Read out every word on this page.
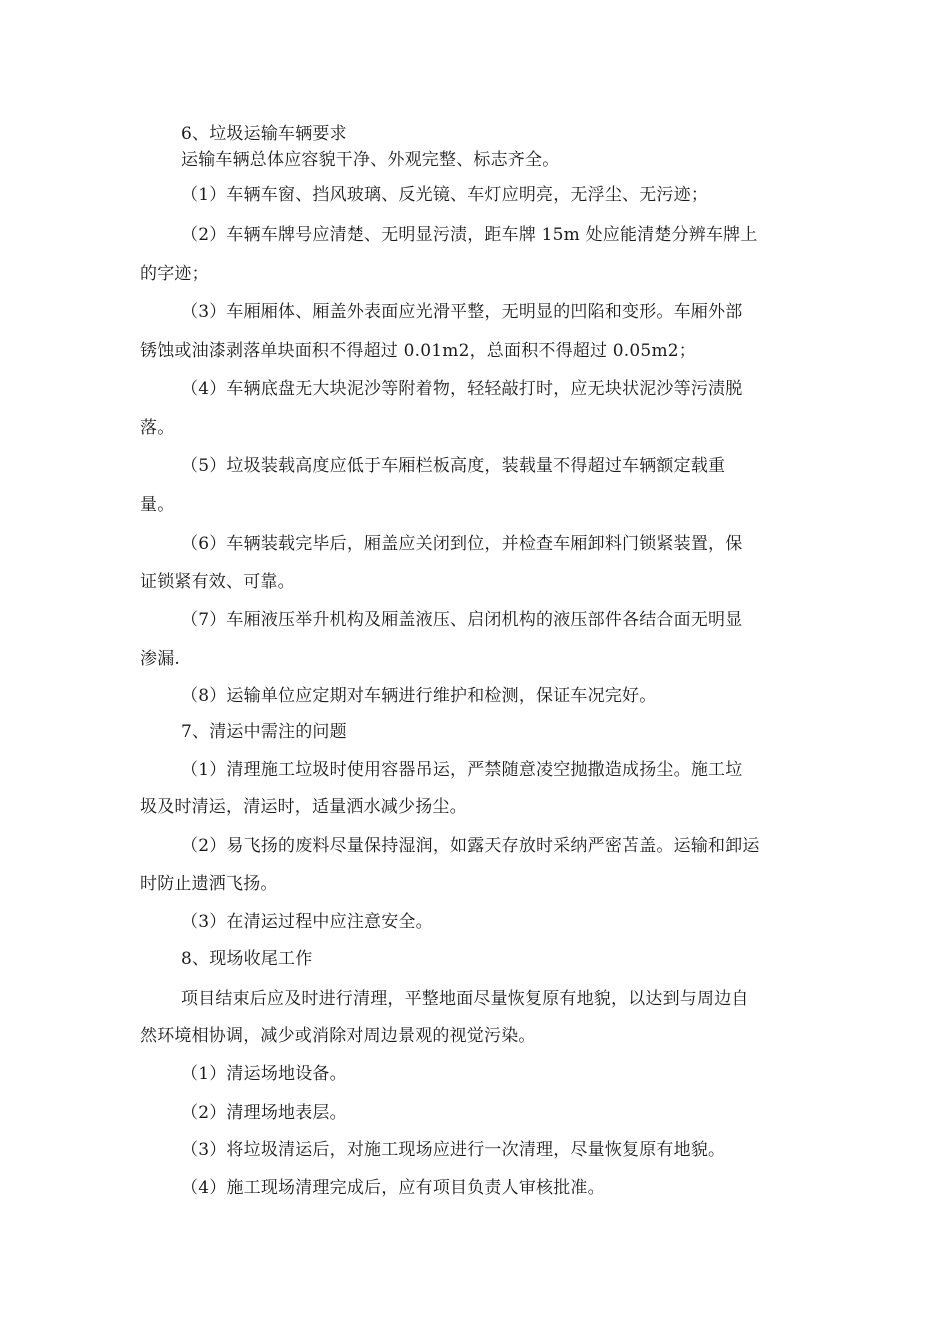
6、垃圾运输车辆要求
运输车辆总体应容貌干净、外观完整、标志齐全。
（1）车辆车窗、挡风玻璃、反光镜、车灯应明亮，无浮尘、无污迹；
（2）车辆车牌号应清楚、无明显污渍，距车牌 15m 处应能清楚分辨车牌上
的字迹；
（3）车厢厢体、厢盖外表面应光滑平整，无明显的凹陷和变形。车厢外部
锈蚀或油漆剥落单块面积不得超过 0.01m2，总面积不得超过 0.05m2；
（4）车辆底盘无大块泥沙等附着物，轻轻敲打时，应无块状泥沙等污渍脱
落。
（5）垃圾装载高度应低于车厢栏板高度，装载量不得超过车辆额定载重
量。
（6）车辆装载完毕后，厢盖应关闭到位，并检查车厢卸料门锁紧装置，保
证锁紧有效、可靠。
（7）车厢液压举升机构及厢盖液压、启闭机构的液压部件各结合面无明显
渗漏.
（8）运输单位应定期对车辆进行维护和检测，保证车况完好。
7、清运中需注的问题
（1）清理施工垃圾时使用容器吊运，严禁随意凌空抛撒造成扬尘。施工垃
圾及时清运，清运时，适量洒水减少扬尘。
（2）易飞扬的废料尽量保持湿润，如露天存放时采纳严密苫盖。运输和卸运
时防止遗洒飞扬。
（3）在清运过程中应注意安全。
8、现场收尾工作
项目结束后应及时进行清理，平整地面尽量恢复原有地貌，以达到与周边自
然环境相协调，减少或消除对周边景观的视觉污染。
（1）清运场地设备。
（2）清理场地表层。
（3）将垃圾清运后，对施工现场应进行一次清理，尽量恢复原有地貌。
（4）施工现场清理完成后，应有项目负责人审核批准。
